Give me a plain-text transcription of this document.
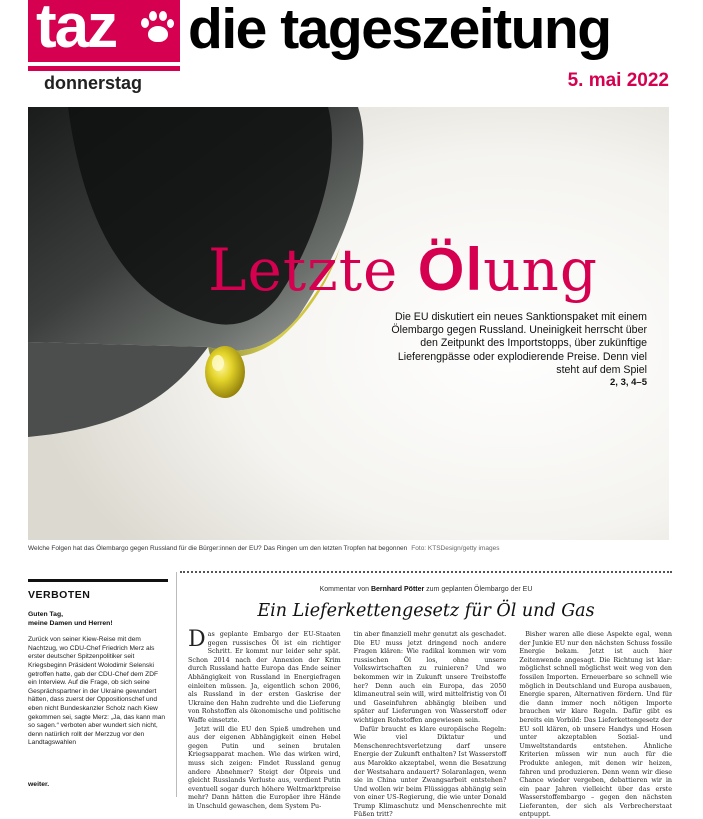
taz die tageszeitung
donnerstag	5. mai 2022
Letzte Ölung
Die EU diskutiert ein neues Sanktionspaket mit einem Ölembargo gegen Russland. Uneinigkeit herrscht über den Zeitpunkt des Importstopps, über zukünftige Lieferengpässe oder explodierende Preise. Denn viel steht auf dem Spiel
2, 3, 4–5
Welche Folgen hat das Ölembargo gegen Russland für die Bürger:innen der EU? Das Ringen um den letzten Tropfen hat begonnen Foto: KTSDesign/getty images
VERBOTEN
Guten Tag,
meine Damen und Herren!
Zurück von seiner Kiew-Reise mit dem Nachtzug, wo CDU-Chef Friedrich Merz als erster deutscher Spitzenpolitiker seit Kriegsbeginn Präsident Wolodimir Selenski getroffen hatte, gab der CDU-Chef dem ZDF ein Interview. Auf die Frage, ob sich seine Gesprächspartner in der Ukraine gewundert hätten, dass zuerst der Oppositionschef und eben nicht Bundeskanzler Scholz nach Kiew gekommen sei, sagte Merz: „Ja, das kann man so sagen.“ verboten aber wundert sich nicht, denn natürlich rollt der Merzzug vor den Landtagswahlen
weiter.
Kommentar von Bernhard Pötter zum geplanten Ölembargo der EU
Ein Lieferkettengesetz für Öl und Gas
Das geplante Embargo der EU-Staaten gegen russisches Öl ist ein richtiger Schritt. Er kommt nur leider sehr spät. Schon 2014 nach der Annexion der Krim durch Russland hatte Europa das Ende seiner Abhängigkeit von Russland in Energiefragen einleiten müssen. Ja, eigentlich schon 2006, als Russland in der ersten Gaskrise der Ukraine den Hahn zudrehte und die Lieferung von Rohstoffen als ökonomische und politische Waffe einsetzte.
Jetzt will die EU den Spieß umdrehen und aus der eigenen Abhängigkeit einen Hebel gegen Putin und seinen brutalen Kriegsapparat machen. Wie das wirken wird, muss sich zeigen: Findet Russland genug andere Abnehmer? Steigt der Ölpreis und gleicht Russlands Verluste aus, verdient Putin eventuell sogar durch höhere Weltmarktpreise mehr? Dann hätten die Europäer ihre Hände in Unschuld gewaschen, dem System Pu-
tin aber finanziell mehr genutzt als geschadet. Die EU muss jetzt dringend noch andere Fragen klären: Wie radikal kommen wir vom russischen Öl los, ohne unsere Volkswirtschaften zu ruinieren? Und wo bekommen wir in Zukunft unsere Treibstoffe her? Denn auch ein Europa, das 2050 klimaneutral sein will, wird mittelfristig von Öl und Gaseinfuhren abhängig bleiben und später auf Lieferungen von Wasserstoff oder wichtigen Rohstoffen angewiesen sein.
Dafür braucht es klare europäische Regeln: Wie viel Diktatur und Menschenrechtsverletzung darf unsere Energie der Zukunft enthalten? Ist Wasserstoff aus Marokko akzeptabel, wenn die Besatzung der Westsahara andauert? Solaranlagen, wenn sie in China unter Zwangsarbeit entstehen? Und wollen wir beim Flüssiggas abhängig sein von einer US-Regierung, die wie unter Donald Trump Klimaschutz und Menschenrechte mit Füßen tritt?
Bisher waren alle diese Aspekte egal, wenn der Junkie EU nur den nächsten Schuss fossile Energie bekam. Jetzt ist auch hier Zeitenwende angesagt. Die Richtung ist klar: möglichst schnell möglichst weit weg von den fossilen Importen. Erneuerbare so schnell wie möglich in Deutschland und Europa ausbauen, Energie sparen, Alternativen fördern. Und für die dann immer noch nötigen Importe brauchen wir klare Regeln. Dafür gibt es bereits ein Vorbild: Das Lieferkettengesetz der EU soll klären, ob unsere Handys und Hosen unter akzeptablen Sozial- und Umweltstandards entstehen. Ähnliche Kriterien müssen wir nun auch für die Produkte anlegen, mit denen wir heizen, fahren und produzieren. Denn wenn wir diese Chance wieder vergeben, debattieren wir in ein paar Jahren vielleicht über das erste Wasserstoffembargo – gegen den nächsten Lieferanten, der sich als Verbrecherstaat entpuppt.
